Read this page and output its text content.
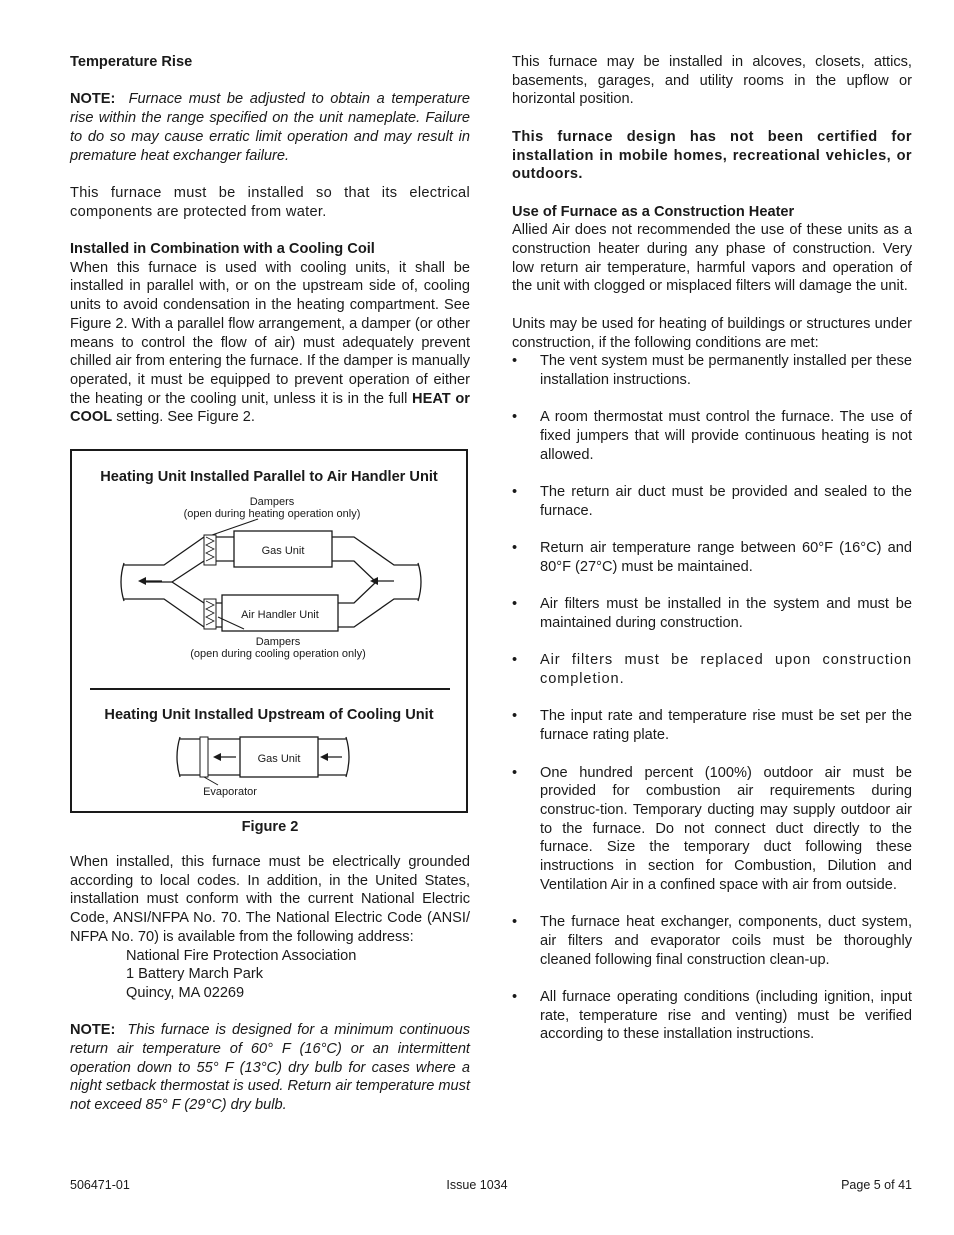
Temperature Rise

NOTE: Furnace must be adjusted to obtain a temperature rise within the range specified on the unit nameplate. Failure to do so may cause erratic limit operation and may result in premature heat exchanger failure.

This furnace must be installed so that its electrical components are protected from water.

Installed in Combination with a Cooling Coil

When this furnace is used with cooling units, it shall be installed in parallel with, or on the upstream side of, cooling units to avoid condensation in the heating compartment. See Figure 2. With a parallel flow arrangement, a damper (or other means to control the flow of air) must adequately prevent chilled air from entering the furnace. If the damper is manually operated, it must be equipped to prevent operation of either the heating or the cooling unit, unless it is in the full HEAT or COOL setting. See Figure 2.

Heating Unit Installed Parallel to Air Handler Unit
Dampers
(open during heating operation only)
Gas Unit
Air Handler Unit
Dampers
(open during cooling operation only)
Heating Unit Installed Upstream of Cooling Unit
Gas Unit
Evaporator
Figure 2

When installed, this furnace must be electrically grounded according to local codes. In addition, in the United States, installation must conform with the current National Electric Code, ANSI/NFPA No. 70. The National Electric Code (ANSI/ NFPA No. 70) is available from the following address:

National Fire Protection Association

1 Battery March Park

Quincy, MA 02269

NOTE: This furnace is designed for a minimum continuous return air temperature of 60° F (16°C) or an intermittent operation down to 55° F (13°C) dry bulb for cases where a night setback thermostat is used. Return air temperature must not exceed 85° F (29°C) dry bulb.

This furnace may be installed in alcoves, closets, attics, basements, garages, and utility rooms in the upflow or horizontal position.

This furnace design has not been certified for installation in mobile homes, recreational vehicles, or outdoors.

Use of Furnace as a Construction Heater

Allied Air does not recommended the use of these units as a construction heater during any phase of construction. Very low return air temperature, harmful vapors and operation of the unit with clogged or misplaced filters will damage the unit.

Units may be used for heating of buildings or structures under construction, if the following conditions are met:

• The vent system must be permanently installed per these installation instructions.
• A room thermostat must control the furnace. The use of fixed jumpers that will provide continuous heating is not allowed.
• The return air duct must be provided and sealed to the furnace.
• Return air temperature range between 60°F (16°C) and 80°F (27°C) must be maintained.
• Air filters must be installed in the system and must be maintained during construction.
• Air filters must be replaced upon construction completion.
• The input rate and temperature rise must be set per the furnace rating plate.
• One hundred percent (100%) outdoor air must be provided for combustion air requirements during construc-tion. Temporary ducting may supply outdoor air to the furnace. Do not connect duct directly to the furnace. Size the temporary duct following these instructions in section for Combustion, Dilution and Ventilation Air in a confined space with air from outside.
• The furnace heat exchanger, components, duct system, air filters and evaporator coils must be thoroughly cleaned following final construction clean-up.
• All furnace operating conditions (including ignition, input rate, temperature rise and venting) must be verified according to these installation instructions.
506471-01	Issue 1034	Page 5 of 41
